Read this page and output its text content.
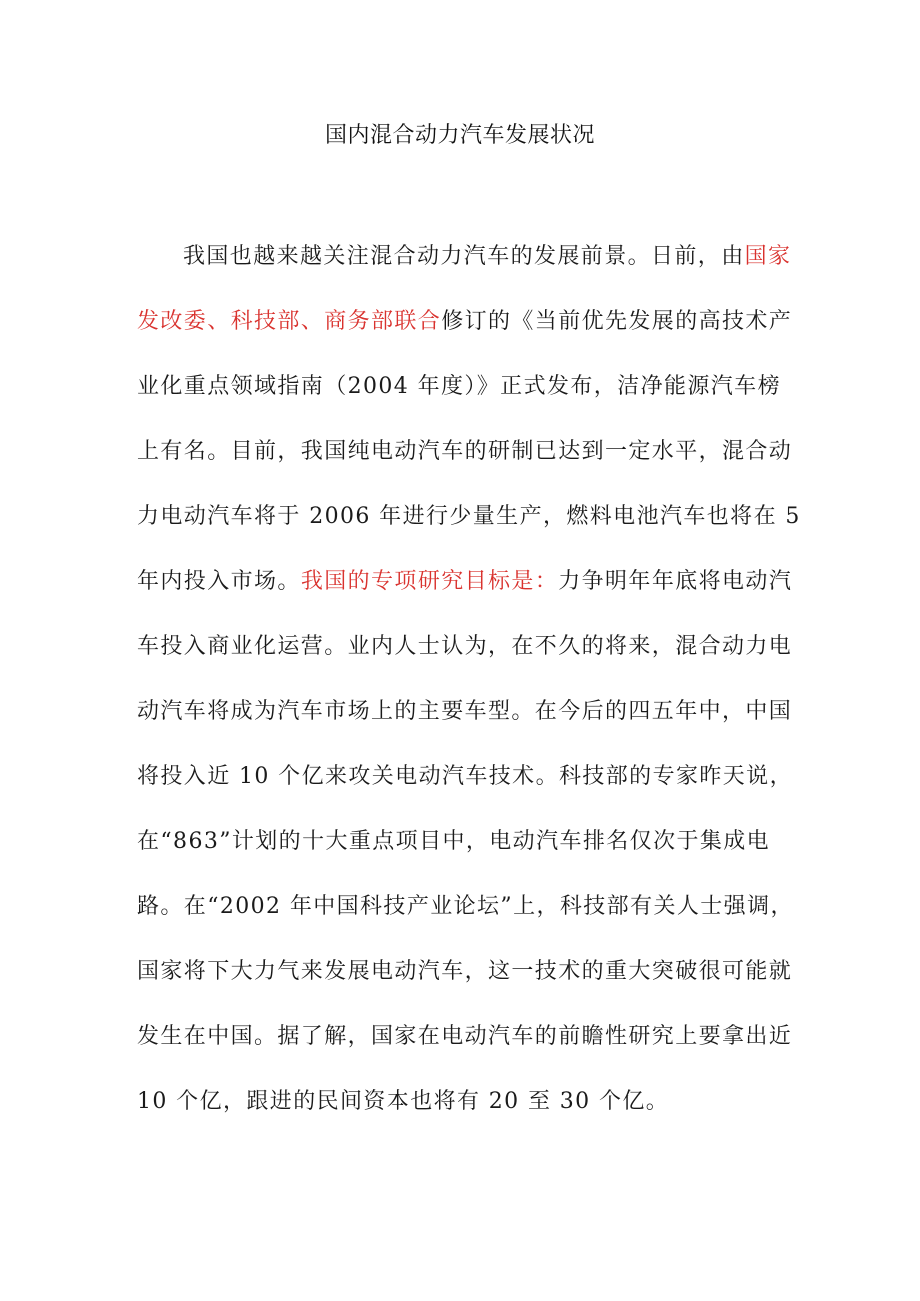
国内混合动力汽车发展状况
我国也越来越关注混合动力汽车的发展前景。日前，由国家
发改委、科技部、商务部联合修订的《当前优先发展的高技术产
业化重点领域指南（2004 年度）》正式发布，洁净能源汽车榜
上有名。目前，我国纯电动汽车的研制已达到一定水平，混合动
力电动汽车将于 2006 年进行少量生产，燃料电池汽车也将在 5
年内投入市场。我国的专项研究目标是：力争明年年底将电动汽
车投入商业化运营。业内人士认为，在不久的将来，混合动力电
动汽车将成为汽车市场上的主要车型。在今后的四五年中，中国
将投入近 10 个亿来攻关电动汽车技术。科技部的专家昨天说，
在“863”计划的十大重点项目中，电动汽车排名仅次于集成电
路。在“2002 年中国科技产业论坛”上，科技部有关人士强调，
国家将下大力气来发展电动汽车，这一技术的重大突破很可能就
发生在中国。据了解，国家在电动汽车的前瞻性研究上要拿出近
10 个亿，跟进的民间资本也将有 20 至 30 个亿。
